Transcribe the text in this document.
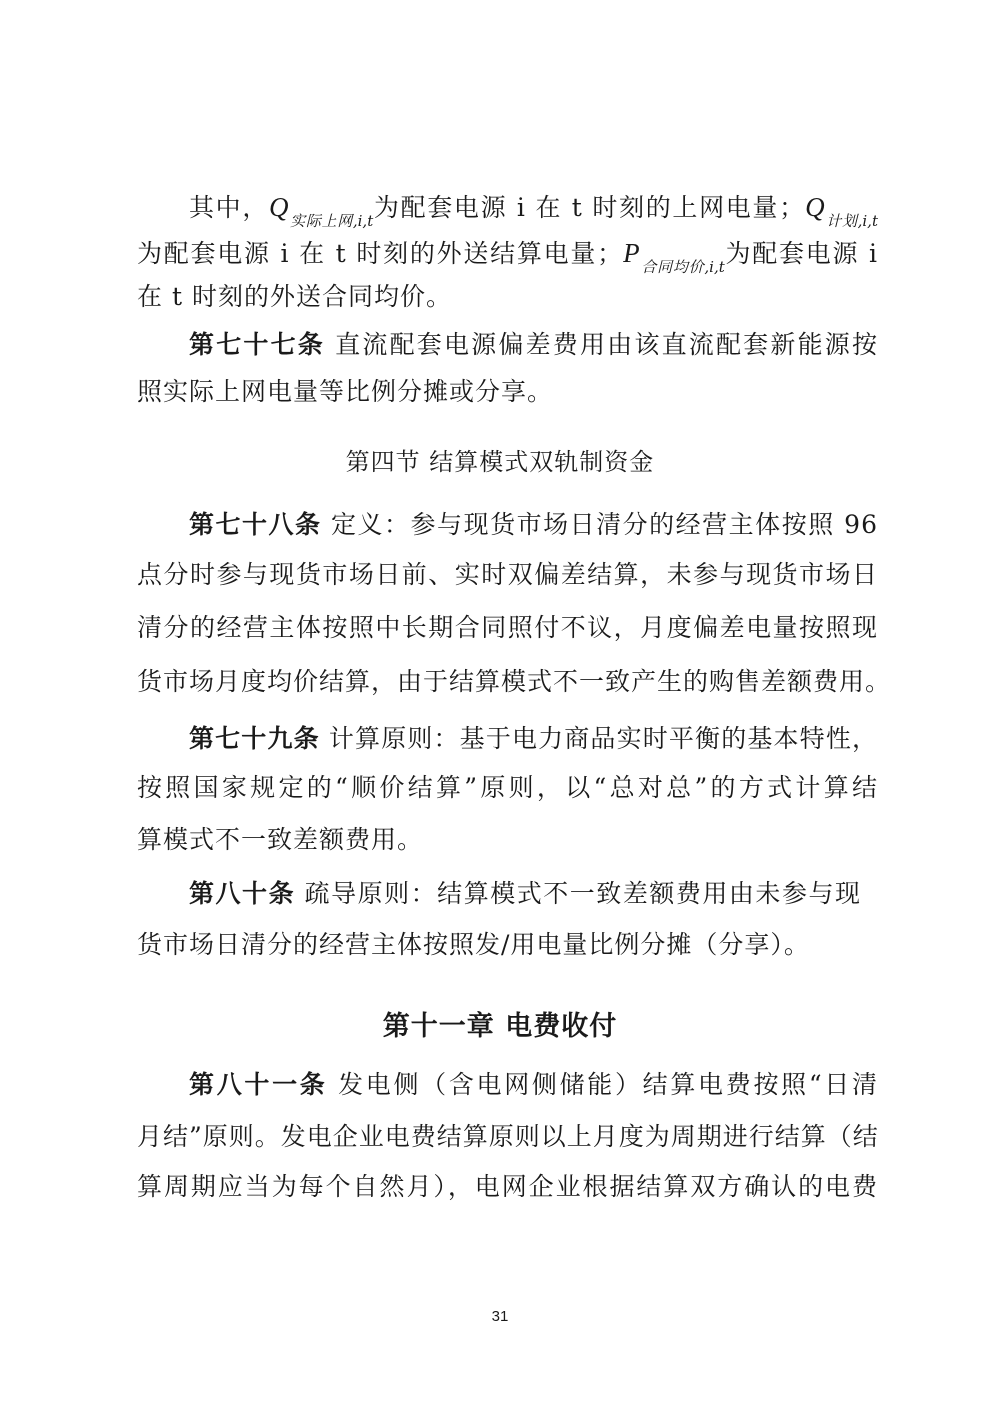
其中，$Q_{实际上网,i,t}$为配套电源 i 在 t 时刻的上网电量；$Q_{计划,i,t}$
为配套电源 i 在 t 时刻的外送结算电量；$P_{合同均价,i,t}$为配套电源 i
在 t 时刻的外送合同均价。
第七十七条 直流配套电源偏差费用由该直流配套新能源按
照实际上网电量等比例分摊或分享。
第四节 结算模式双轨制资金
第七十八条 定义：参与现货市场日清分的经营主体按照 96
点分时参与现货市场日前、实时双偏差结算，未参与现货市场日
清分的经营主体按照中长期合同照付不议，月度偏差电量按照现
货市场月度均价结算，由于结算模式不一致产生的购售差额费用。
第七十九条 计算原则：基于电力商品实时平衡的基本特性，
按照国家规定的“顺价结算”原则，以“总对总”的方式计算结
算模式不一致差额费用。
第八十条 疏导原则：结算模式不一致差额费用由未参与现
货市场日清分的经营主体按照发/用电量比例分摊（分享）。
第十一章 电费收付
第八十一条 发电侧（含电网侧储能）结算电费按照“日清
月结”原则。发电企业电费结算原则以上月度为周期进行结算（结
算周期应当为每个自然月），电网企业根据结算双方确认的电费
31
